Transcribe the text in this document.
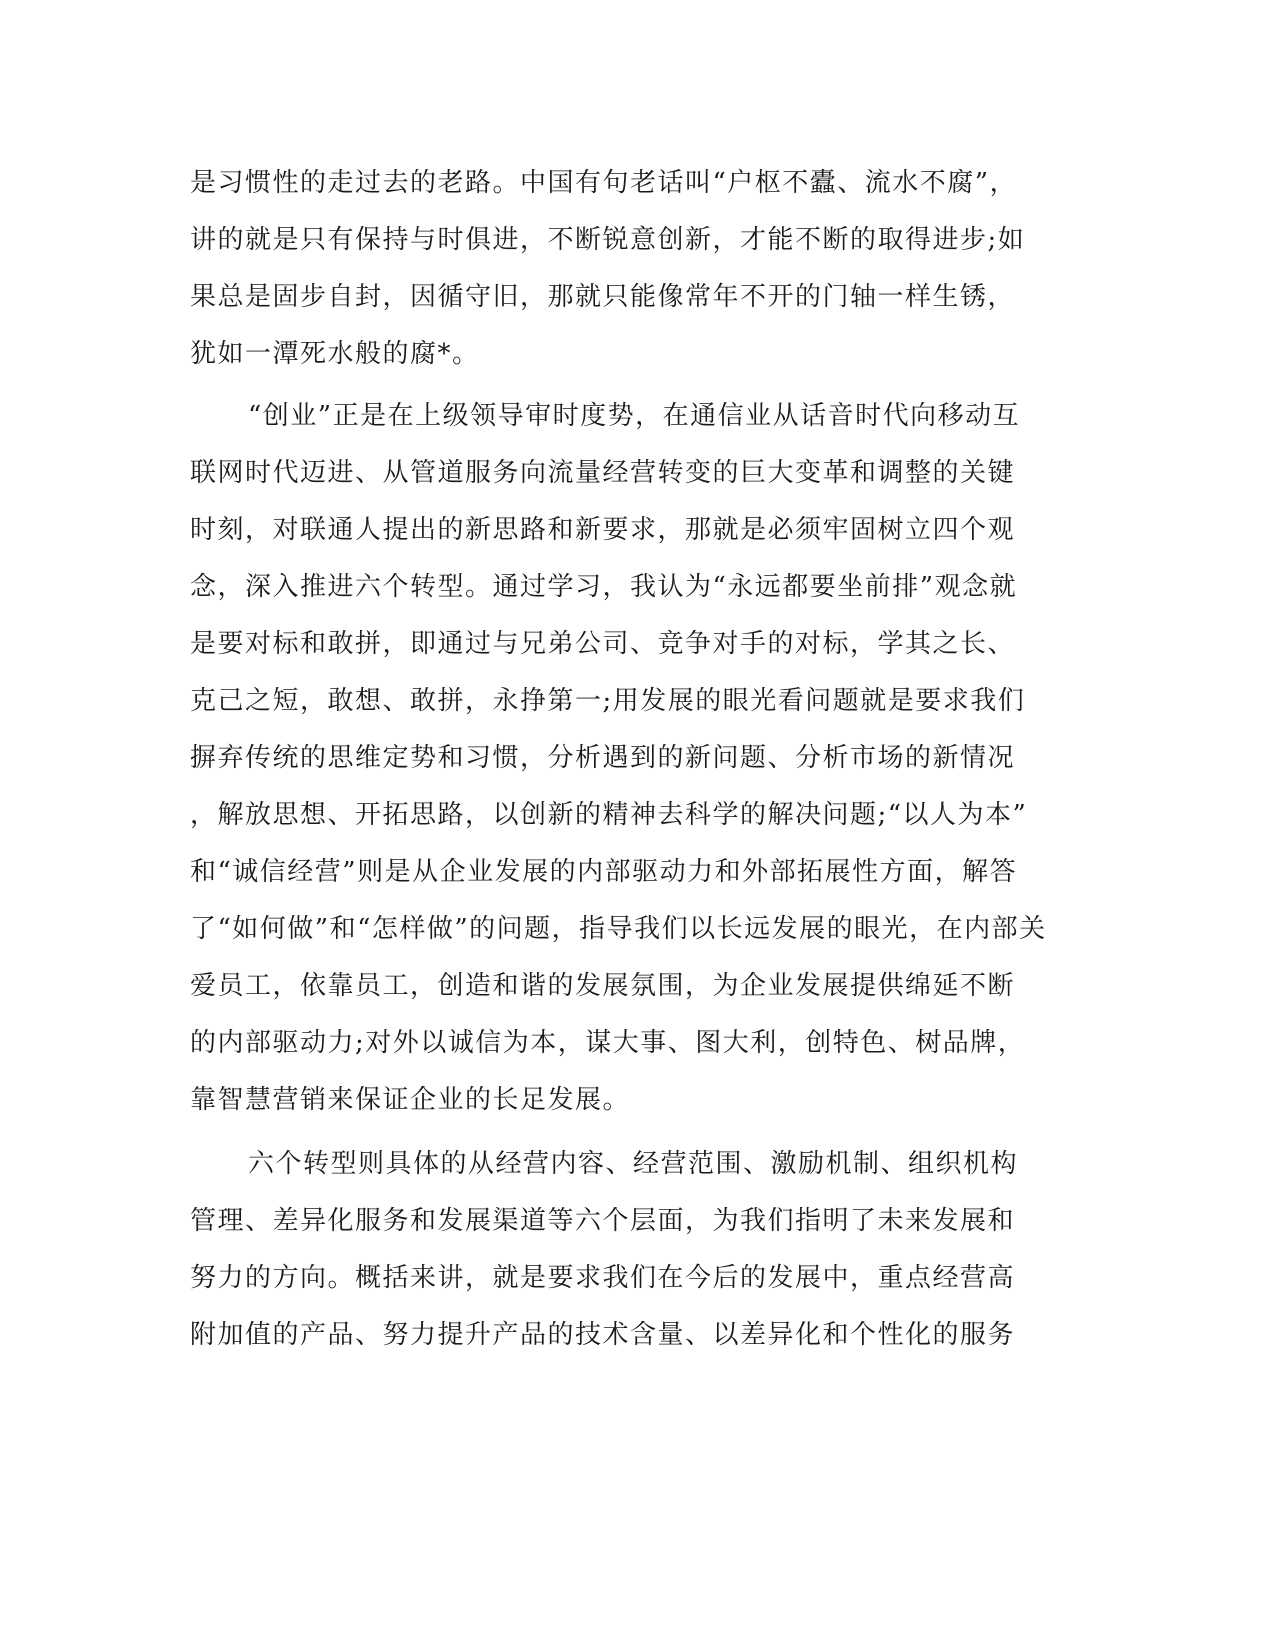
是习惯性的走过去的老路。中国有句老话叫“户枢不蠹、流水不腐”，
讲的就是只有保持与时俱进，不断锐意创新，才能不断的取得进步;如
果总是固步自封，因循守旧，那就只能像常年不开的门轴一样生锈，
犹如一潭死水般的腐*。
“创业”正是在上级领导审时度势，在通信业从话音时代向移动互
联网时代迈进、从管道服务向流量经营转变的巨大变革和调整的关键
时刻，对联通人提出的新思路和新要求，那就是必须牢固树立四个观
念，深入推进六个转型。通过学习，我认为“永远都要坐前排”观念就
是要对标和敢拼，即通过与兄弟公司、竞争对手的对标，学其之长、
克己之短，敢想、敢拼，永挣第一;用发展的眼光看问题就是要求我们
摒弃传统的思维定势和习惯，分析遇到的新问题、分析市场的新情况
，解放思想、开拓思路，以创新的精神去科学的解决问题;“以人为本”
和“诚信经营”则是从企业发展的内部驱动力和外部拓展性方面，解答
了“如何做”和“怎样做”的问题，指导我们以长远发展的眼光，在内部关
爱员工，依靠员工，创造和谐的发展氛围，为企业发展提供绵延不断
的内部驱动力;对外以诚信为本，谋大事、图大利，创特色、树品牌，
靠智慧营销来保证企业的长足发展。
六个转型则具体的从经营内容、经营范围、激励机制、组织机构
管理、差异化服务和发展渠道等六个层面，为我们指明了未来发展和
努力的方向。概括来讲，就是要求我们在今后的发展中，重点经营高
附加值的产品、努力提升产品的技术含量、以差异化和个性化的服务
